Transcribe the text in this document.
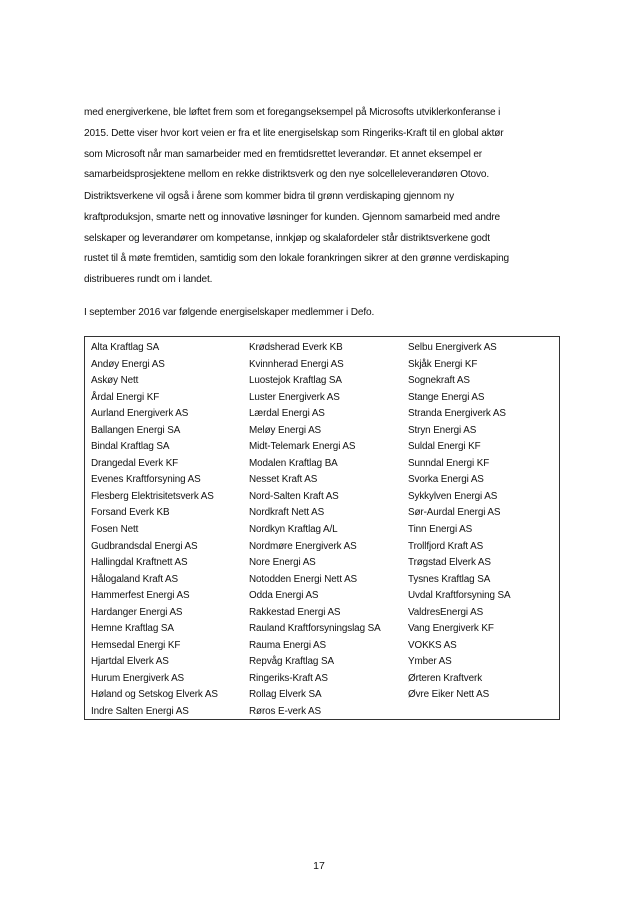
med energiverkene, ble løftet frem som et foregangseksempel på Microsofts utviklerkonferanse i
2015. Dette viser hvor kort veien er fra et lite energiselskap som Ringeriks-Kraft til en global aktør
som Microsoft når man samarbeider med en fremtidsrettet leverandør. Et annet eksempel er
samarbeidsprosjektene mellom en rekke distriktsverk og den nye solcelleleverandøren Otovo.

Distriktsverkene vil også i årene som kommer bidra til grønn verdiskaping gjennom ny
kraftproduksjon, smarte nett og innovative løsninger for kunden. Gjennom samarbeid med andre
selskaper og leverandører om kompetanse, innkjøp og skalafordeler står distriktsverkene godt
rustet til å møte fremtiden, samtidig som den lokale forankringen sikrer at den grønne verdiskaping
distribueres rundt om i landet.

I september 2016 var følgende energiselskaper medlemmer i Defo.

Alta Kraftlag SA
Andøy Energi AS
Askøy Nett
Årdal Energi KF
Aurland Energiverk AS
Ballangen Energi SA
Bindal Kraftlag SA
Drangedal Everk KF
Evenes Kraftforsyning AS
Flesberg Elektrisitetsverk AS
Forsand Everk KB
Fosen Nett
Gudbrandsdal Energi AS
Hallingdal Kraftnett AS
Hålogaland Kraft AS
Hammerfest Energi AS
Hardanger Energi AS
Hemne Kraftlag SA
Hemsedal Energi KF
Hjartdal Elverk AS
Hurum Energiverk AS
Høland og Setskog Elverk AS
Indre Salten Energi AS
Krødsherad Everk KB
Kvinnherad Energi AS
Luostejok Kraftlag SA
Luster Energiverk AS
Lærdal Energi AS
Meløy Energi AS
Midt-Telemark Energi AS
Modalen Kraftlag BA
Nesset Kraft AS
Nord-Salten Kraft AS
Nordkraft Nett AS
Nordkyn Kraftlag A/L
Nordmøre Energiverk AS
Nore Energi AS
Notodden Energi Nett AS
Odda Energi AS
Rakkestad Energi AS
Rauland Kraftforsyningslag SA
Rauma Energi AS
Repvåg Kraftlag SA
Ringeriks-Kraft AS
Rollag Elverk SA
Røros E-verk AS
Selbu Energiverk AS
Skjåk Energi KF
Sognekraft AS
Stange Energi AS
Stranda Energiverk AS
Stryn Energi AS
Suldal Energi KF
Sunndal Energi KF
Svorka Energi AS
Sykkylven Energi AS
Sør-Aurdal Energi AS
Tinn Energi AS
Trollfjord Kraft AS
Trøgstad Elverk AS
Tysnes Kraftlag SA
Uvdal Kraftforsyning SA
ValdresEnergi AS
Vang Energiverk KF
VOKKS AS
Ymber AS
Ørteren Kraftverk
Øvre Eiker Nett AS
17
